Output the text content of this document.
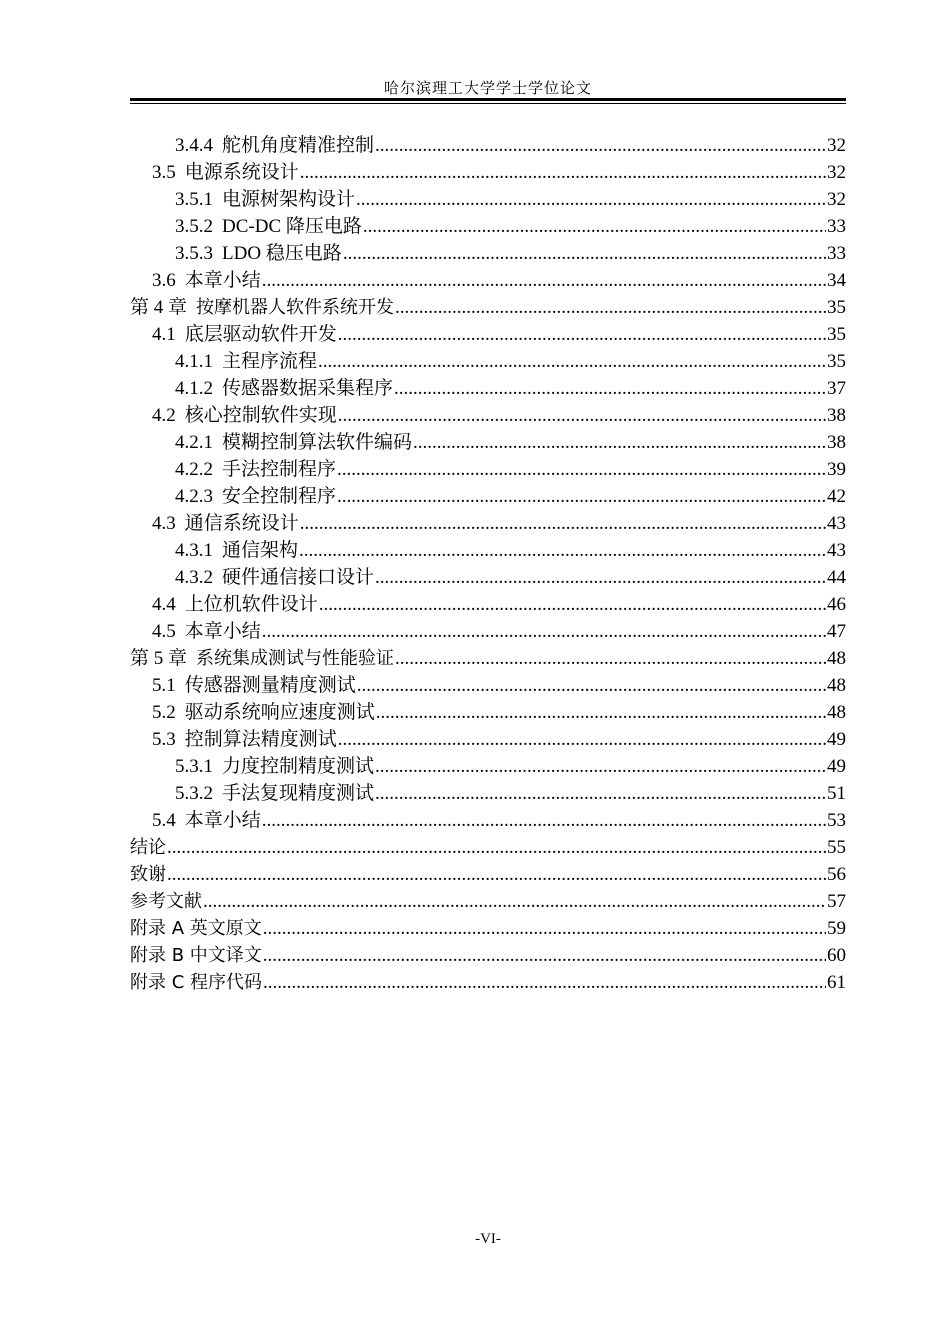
哈尔滨理工大学学士学位论文
3.4.4 舵机角度精准控制 .....	32
3.5 电源系统设计 .....	32
3.5.1 电源树架构设计 .....	32
3.5.2 DC-DC 降压电路 .....	33
3.5.3 LDO 稳压电路 .....	33
3.6 本章小结 .....	34
第 4 章 按摩机器人软件系统开发 .....	35
4.1 底层驱动软件开发 .....	35
4.1.1 主程序流程 .....	35
4.1.2 传感器数据采集程序 .....	37
4.2 核心控制软件实现 .....	38
4.2.1 模糊控制算法软件编码 .....	38
4.2.2 手法控制程序 .....	39
4.2.3 安全控制程序 .....	42
4.3 通信系统设计 .....	43
4.3.1 通信架构 .....	43
4.3.2 硬件通信接口设计 .....	44
4.4 上位机软件设计 .....	46
4.5 本章小结 .....	47
第 5 章 系统集成测试与性能验证 .....	48
5.1 传感器测量精度测试 .....	48
5.2 驱动系统响应速度测试 .....	48
5.3 控制算法精度测试 .....	49
5.3.1 力度控制精度测试 .....	49
5.3.2 手法复现精度测试 .....	51
5.4 本章小结 .....	53
结论 .....	55
致谢 .....	56
参考文献 .....	57
附录 A 英文原文 .....	59
附录 B 中文译文 .....	60
附录 C 程序代码 .....	61
-VI-
